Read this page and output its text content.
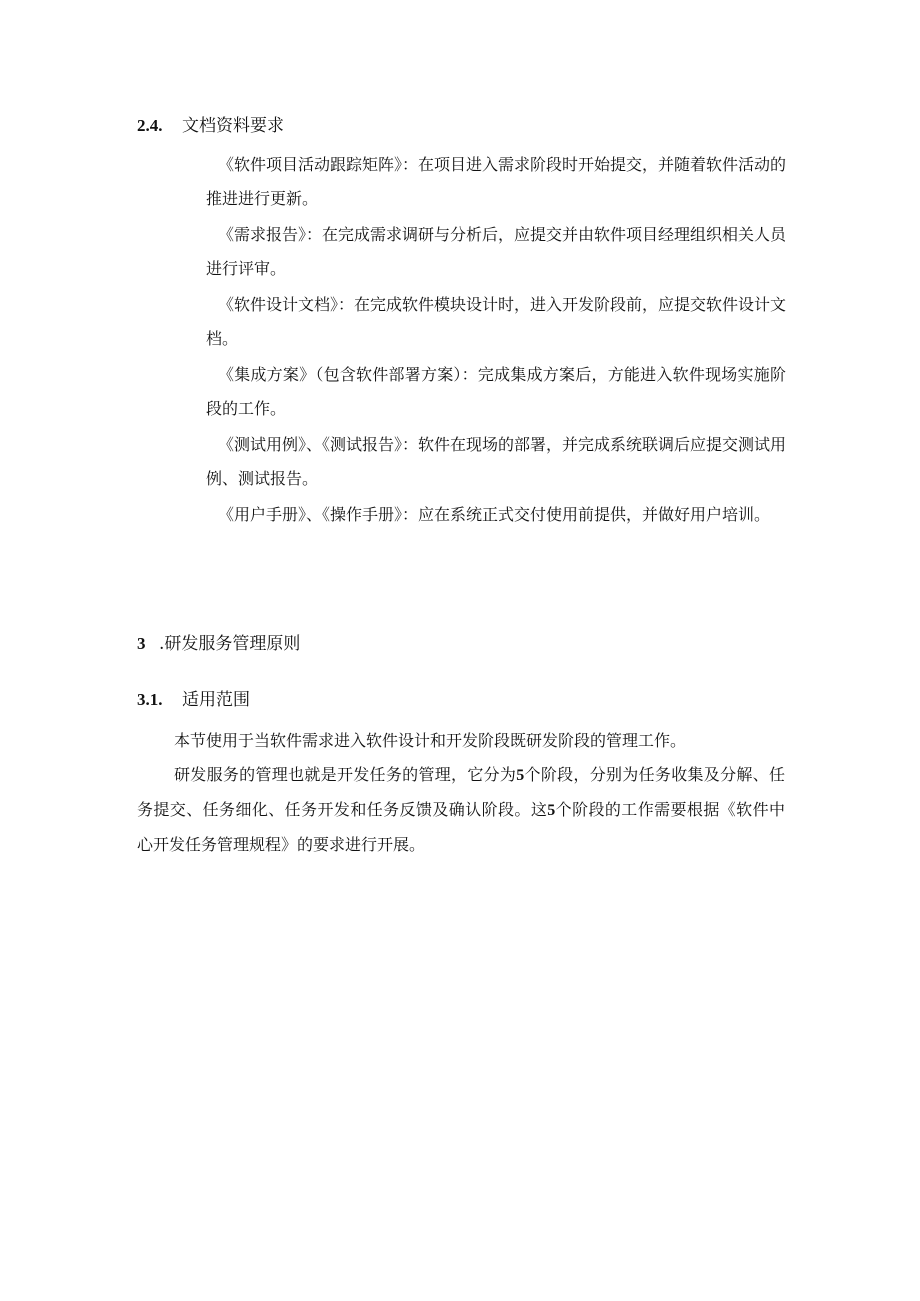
2.4. 文档资料要求

《软件项目活动跟踪矩阵》：在项目进入需求阶段时开始提交，并随着软件活动的推进进行更新。

《需求报告》：在完成需求调研与分析后，应提交并由软件项目经理组织相关人员进行评审。

《软件设计文档》：在完成软件模块设计时，进入开发阶段前，应提交软件设计文档。

《集成方案》（包含软件部署方案）：完成集成方案后，方能进入软件现场实施阶段的工作。

《测试用例》、《测试报告》：软件在现场的部署，并完成系统联调后应提交测试用例、测试报告。

《用户手册》、《操作手册》：应在系统正式交付使用前提供，并做好用户培训。

3 .研发服务管理原则
3.1. 适用范围

本节使用于当软件需求进入软件设计和开发阶段既研发阶段的管理工作。

研发服务的管理也就是开发任务的管理，它分为5个阶段，分别为任务收集及分解、任务提交、任务细化、任务开发和任务反馈及确认阶段。这5个阶段的工作需要根据《软件中心开发任务管理规程》的要求进行开展。
